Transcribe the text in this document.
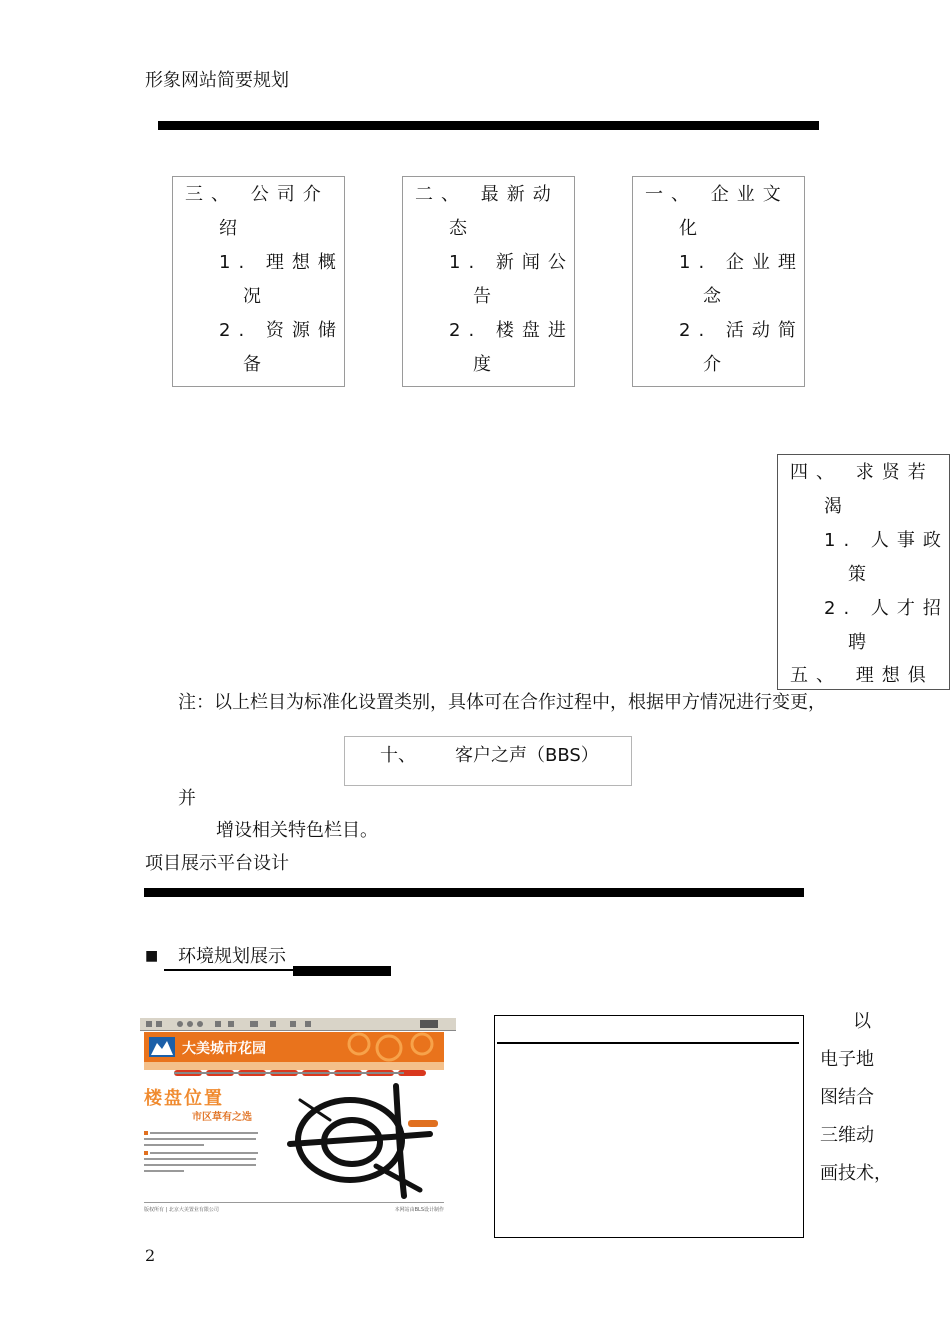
形象网站简要规划
三、 公司介
绍
1. 理想概
况
2. 资源储
备
二、 最新动
态
1. 新闻公
告
2. 楼盘进
度
一、 企业文
化
1. 企业理
念
2. 活动简
介
四、 求贤若
渴
1. 人事政
策
2. 人才招
聘
五、 理想俱
注：以上栏目为标准化设置类别，具体可在合作过程中，根据甲方情况进行变更，
十、 客户之声（BBS）
并
增设相关特色栏目。
项目展示平台设计
■ 环境规划展示
大美城市花园
楼盘位置
市区草有之选
版权所有 | 北京大美置业有限公司	本网站由BLS设计制作
以
电子地
图结合
三维动
画技术，
2
